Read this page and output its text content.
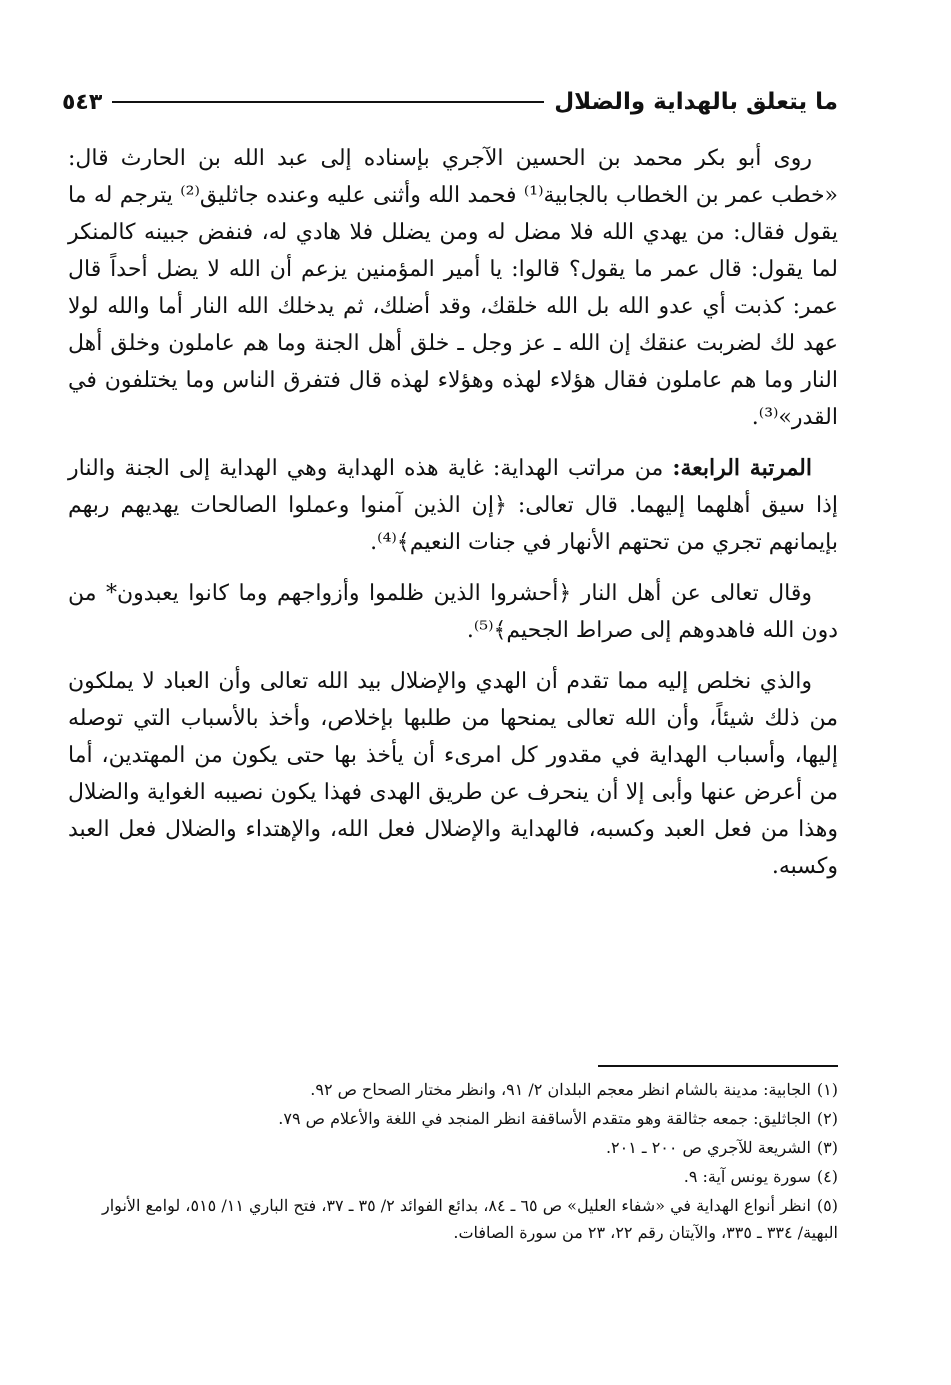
ما يتعلق بالهداية والضلال
٥٤٣

روى أبو بكر محمد بن الحسين الآجري بإسناده إلى عبد الله بن الحارث قال: «خطب عمر بن الخطاب بالجابية⁽¹⁾ فحمد الله وأثنى عليه وعنده جاثليق⁽²⁾ يترجم له ما يقول فقال: من يهدي الله فلا مضل له ومن يضلل فلا هادي له، فنفض جبينه كالمنكر لما يقول: قال عمر ما يقول؟ قالوا: يا أمير المؤمنين يزعم أن الله لا يضل أحداً قال عمر: كذبت أي عدو الله بل الله خلقك، وقد أضلك، ثم يدخلك الله النار أما والله لولا عهد لك لضربت عنقك إن الله ـ عز وجل ـ خلق أهل الجنة وما هم عاملون وخلق أهل النار وما هم عاملون فقال هؤلاء لهذه وهؤلاء لهذه قال فتفرق الناس وما يختلفون في القدر»⁽³⁾.

المرتبة الرابعة: من مراتب الهداية: غاية هذه الهداية وهي الهداية إلى الجنة والنار إذا سيق أهلهما إليهما. قال تعالى: ﴿إن الذين آمنوا وعملوا الصالحات يهديهم ربهم بإيمانهم تجري من تحتهم الأنهار في جنات النعيم﴾⁽⁴⁾.

وقال تعالى عن أهل النار ﴿أحشروا الذين ظلموا وأزواجهم وما كانوا يعبدون* من دون الله فاهدوهم إلى صراط الجحيم﴾⁽⁵⁾.

والذي نخلص إليه مما تقدم أن الهدي والإضلال بيد الله تعالى وأن العباد لا يملكون من ذلك شيئاً، وأن الله تعالى يمنحها من طلبها بإخلاص، وأخذ بالأسباب التي توصله إليها، وأسباب الهداية في مقدور كل امرىء أن يأخذ بها حتى يكون من المهتدين، أما من أعرض عنها وأبى إلا أن ينحرف عن طريق الهدى فهذا يكون نصيبه الغواية والضلال وهذا من فعل العبد وكسبه، فالهداية والإضلال فعل الله، والإهتداء والضلال فعل العبد وكسبه.

(١)الجابية: مدينة بالشام انظر معجم البلدان ٢/ ٩١، وانظر مختار الصحاح ص ٩٢.

(٢)الجاثليق: جمعه جثالقة وهو متقدم الأساقفة انظر المنجد في اللغة والأعلام ص ٧٩.

(٣)الشريعة للآجري ص ٢٠٠ ـ ٢٠١.

(٤)سورة يونس آية: ٩.

(٥)انظر أنواع الهداية في «شفاء العليل» ص ٦٥ ـ ٨٤، بدائع الفوائد ٢/ ٣٥ ـ ٣٧، فتح الباري ١١/ ٥١٥، لوامع الأنوار البهية/ ٣٣٤ ـ ٣٣٥، والآيتان رقم ٢٢، ٢٣ من سورة الصافات.
